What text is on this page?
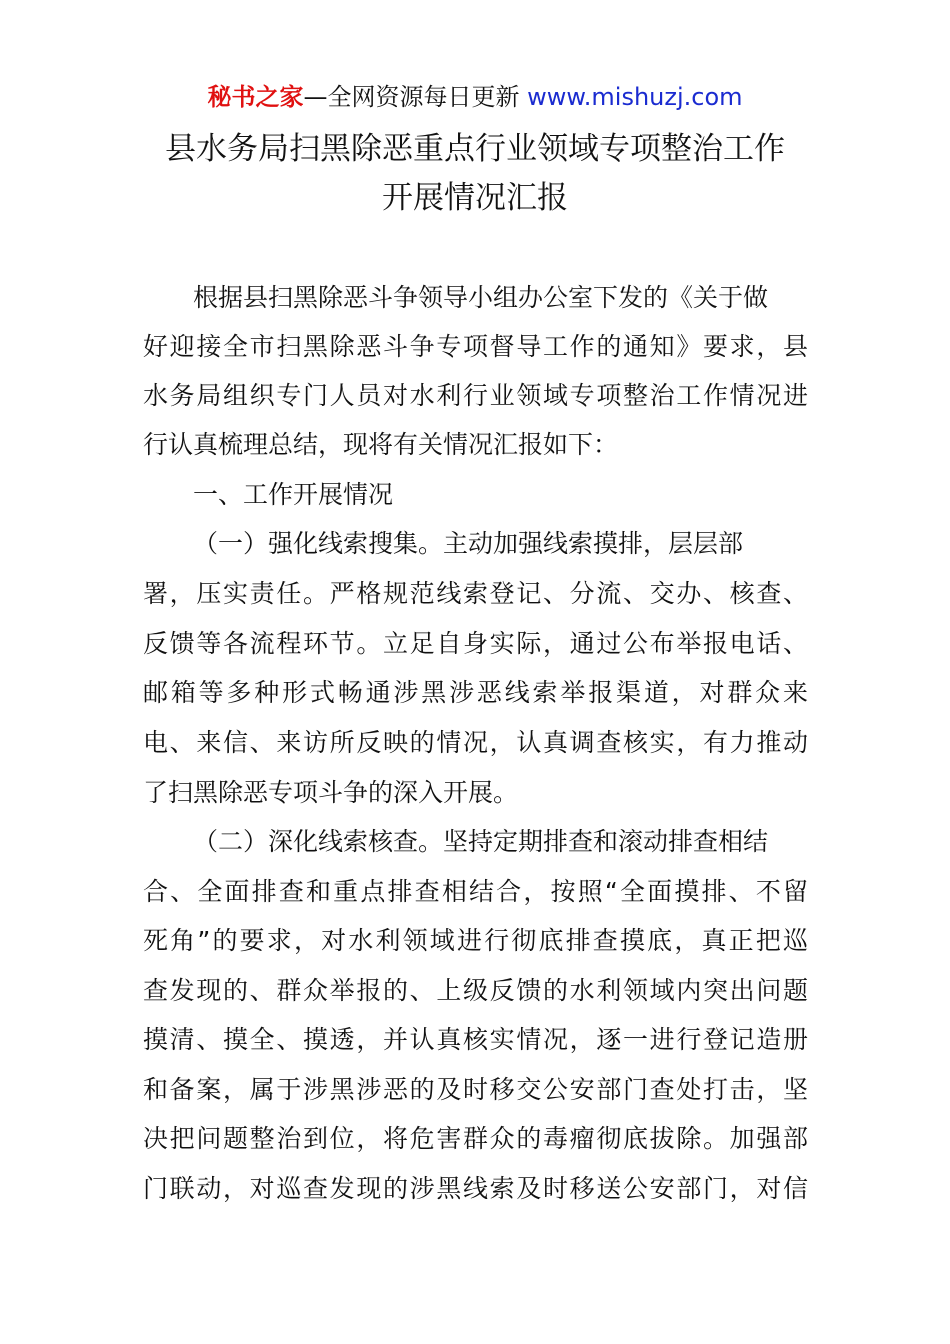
秘书之家—全网资源每日更新 www.mishuzj.com
县水务局扫黑除恶重点行业领域专项整治工作
开展情况汇报
根据县扫黑除恶斗争领导小组办公室下发的《关于做
好迎接全市扫黑除恶斗争专项督导工作的通知》要求，县
水务局组织专门人员对水利行业领域专项整治工作情况进
行认真梳理总结，现将有关情况汇报如下：
一、工作开展情况
（一）强化线索搜集。主动加强线索摸排，层层部
署，压实责任。严格规范线索登记、分流、交办、核查、
反馈等各流程环节。立足自身实际，通过公布举报电话、
邮箱等多种形式畅通涉黑涉恶线索举报渠道，对群众来
电、来信、来访所反映的情况，认真调查核实，有力推动
了扫黑除恶专项斗争的深入开展。
（二）深化线索核查。坚持定期排查和滚动排查相结
合、全面排查和重点排查相结合，按照“全面摸排、不留
死角”的要求，对水利领域进行彻底排查摸底，真正把巡
查发现的、群众举报的、上级反馈的水利领域内突出问题
摸清、摸全、摸透，并认真核实情况，逐一进行登记造册
和备案，属于涉黑涉恶的及时移交公安部门查处打击，坚
决把问题整治到位，将危害群众的毒瘤彻底拔除。加强部
门联动，对巡查发现的涉黑线索及时移送公安部门，对信
